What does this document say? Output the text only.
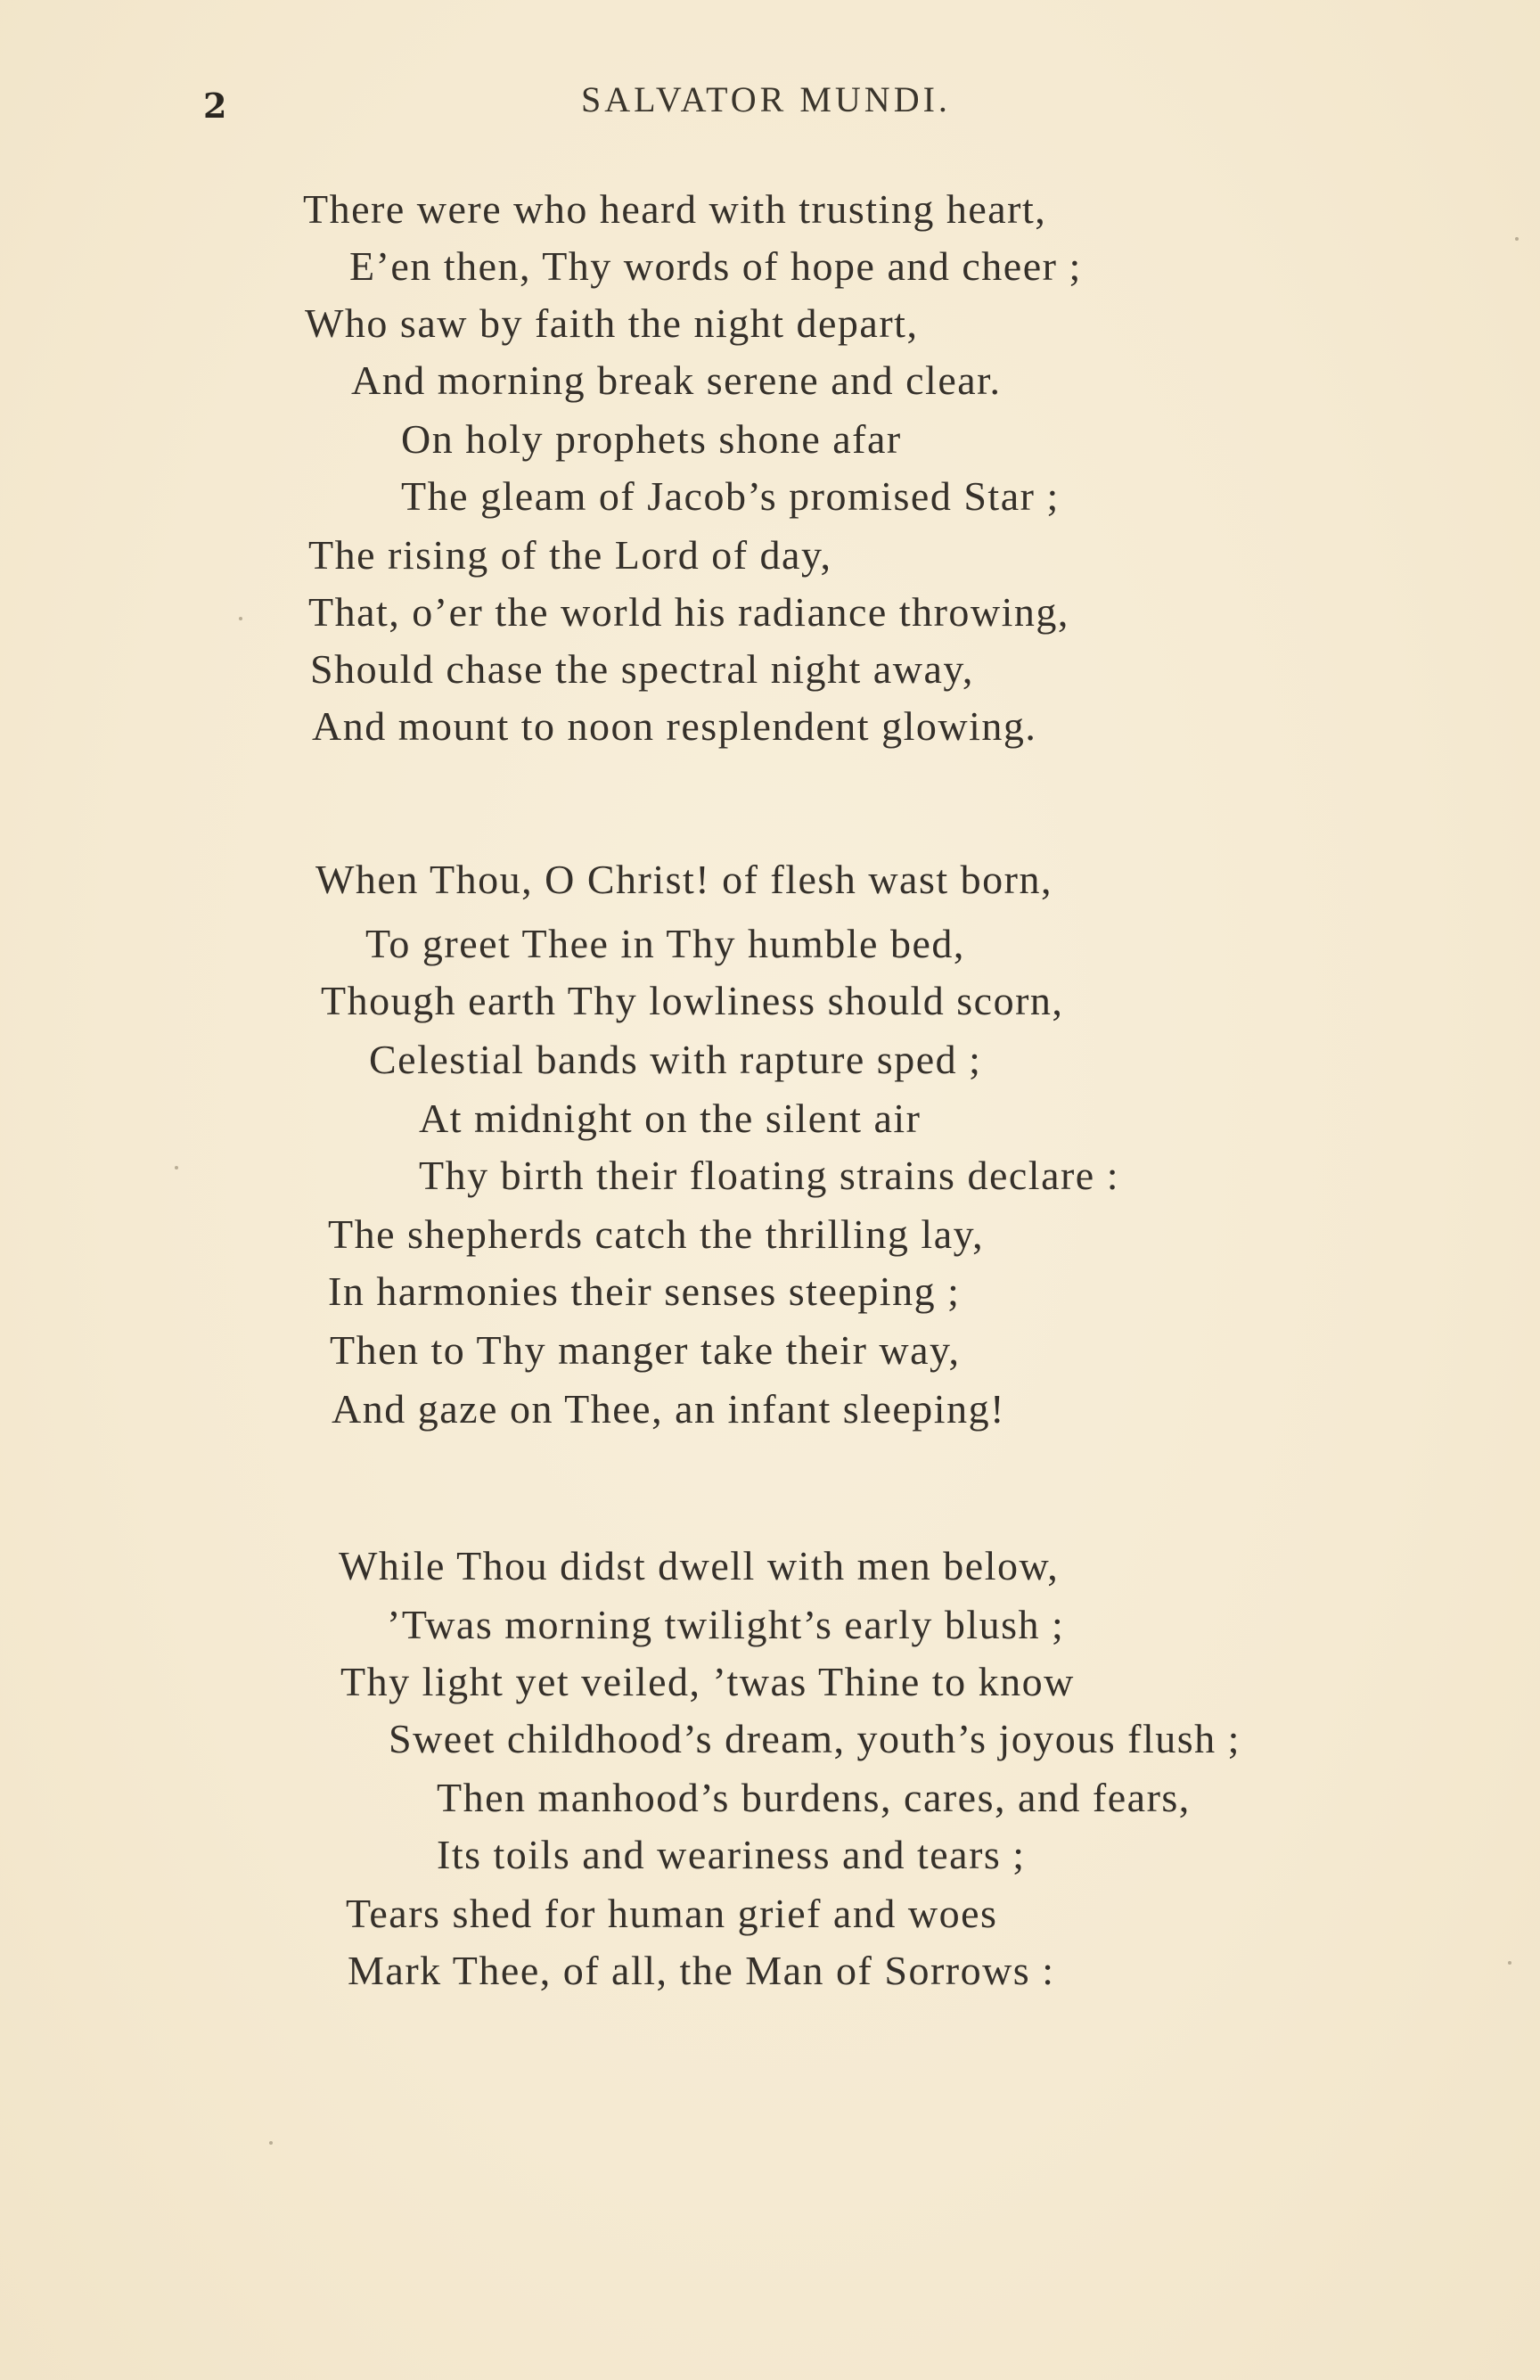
2	SALVATOR MUNDI.
There were who heard with trusting heart,
E’en then, Thy words of hope and cheer ;
Who saw by faith the night depart,
And morning break serene and clear.
On holy prophets shone afar
The gleam of Jacob’s promised Star ;
The rising of the Lord of day,
That, o’er the world his radiance throwing,
Should chase the spectral night away,
And mount to noon resplendent glowing.
When Thou, O Christ! of flesh wast born,
To greet Thee in Thy humble bed,
Though earth Thy lowliness should scorn,
Celestial bands with rapture sped ;
At midnight on the silent air
Thy birth their floating strains declare :
The shepherds catch the thrilling lay,
In harmonies their senses steeping ;
Then to Thy manger take their way,
And gaze on Thee, an infant sleeping!
While Thou didst dwell with men below,
’Twas morning twilight’s early blush ;
Thy light yet veiled, ’twas Thine to know
Sweet childhood’s dream, youth’s joyous flush ;
Then manhood’s burdens, cares, and fears,
Its toils and weariness and tears ;
Tears shed for human grief and woes
Mark Thee, of all, the Man of Sorrows :
